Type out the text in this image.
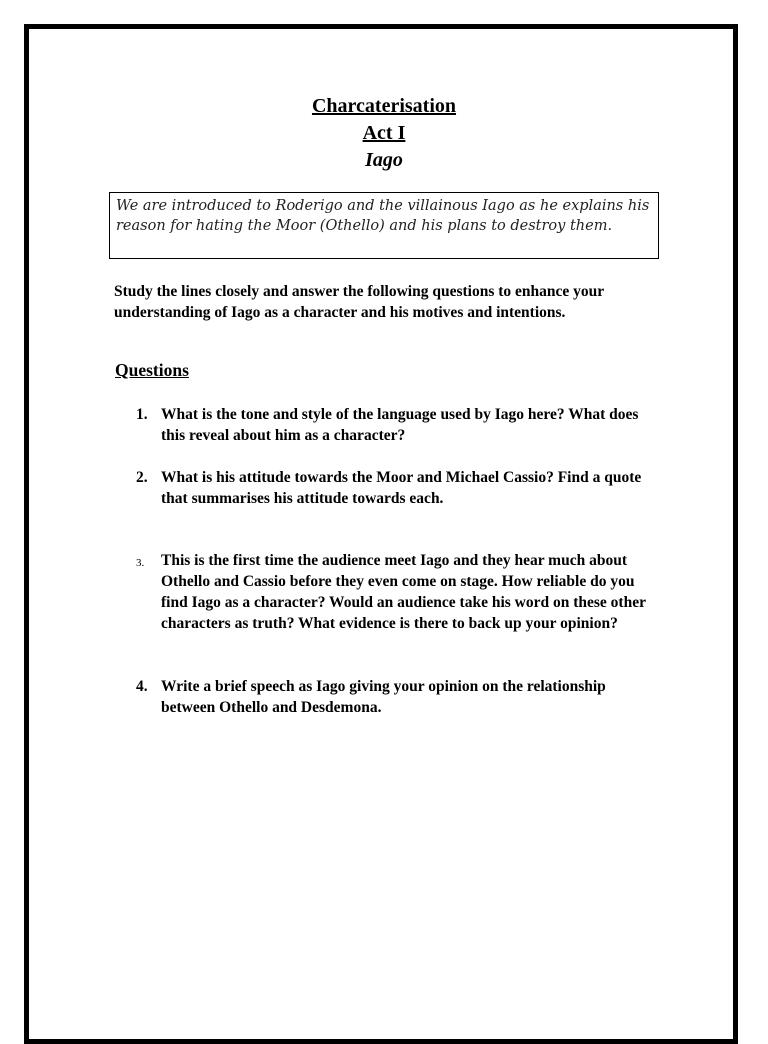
Charcaterisation
Act I
Iago
We are introduced to Roderigo and the villainous Iago as he explains his reason for hating the Moor (Othello) and his plans to destroy them.
Study the lines closely and answer the following questions to enhance your understanding of Iago as a character and his motives and intentions.
Questions
1. What is the tone and style of the language used by Iago here? What does this reveal about him as a character?
2. What is his attitude towards the Moor and Michael Cassio? Find a quote that summarises his attitude towards each.
3. This is the first time the audience meet Iago and they hear much about Othello and Cassio before they even come on stage. How reliable do you find Iago as a character? Would an audience take his word on these other characters as truth? What evidence is there to back up your opinion?
4. Write a brief speech as Iago giving your opinion on the relationship between Othello and Desdemona.
